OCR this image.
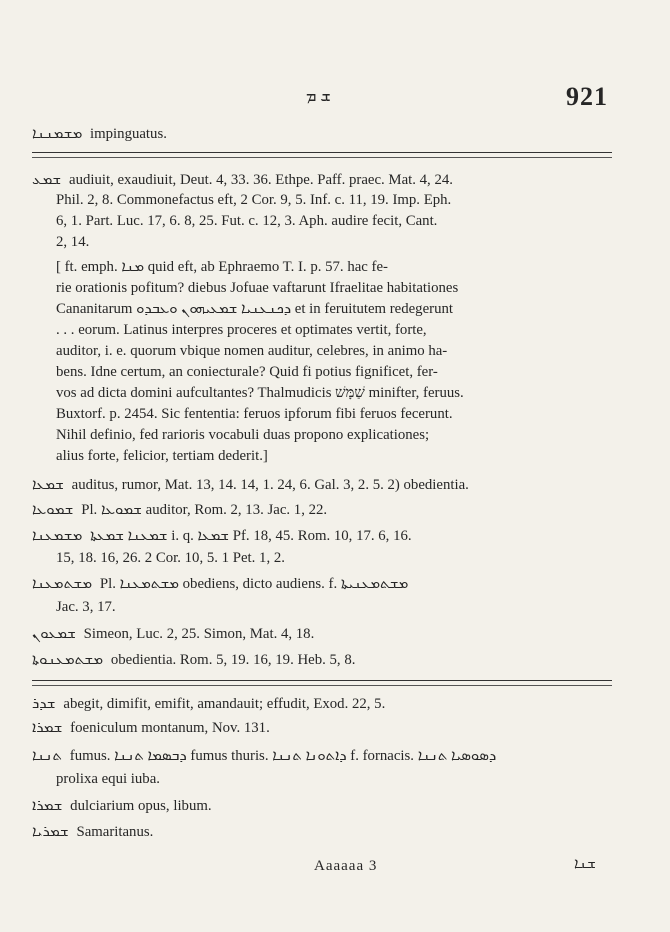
ܫ ܡ	921
ܡܫܡܢܢܐ impinguatus.
ܫܡܥ audiuit, exaudiuit, Deut. 4, 33. 36. Ethpe. Paff. praec. Mat. 4, 24.
Phil. 2, 8. Commonefactus eft, 2 Cor. 9, 5. Inf. c. 11, 19. Imp. Eph.
6, 1. Part. Luc. 17, 6. 8, 25. Fut. c. 12, 3. Aph. audire fecit, Cant.
2, 14.
[ ft. emph. ܡܢܐ quid eft, ab Ephraemo T. I. p. 57. hac fe-
rie orationis pofitum? diebus Jofuae vaftarunt Ifraelitae habitationes
Cananitarum ܕܟܢܥܢܝܐ ܫܡܥܝܗܘܢ ܘܥܒܕܘ et in feruitutem redegerunt
. . . eorum. Latinus interpres proceres et optimates vertit, forte,
auditor, i. e. quorum vbique nomen auditur, celebres, in animo ha-
bens. Idne certum, an coniecturale? Quid fi potius fignificet, fer-
vos ad dicta domini aufcultantes? Thalmudicis שַׁמָּשׁ minifter, feruus.
Buxtorf. p. 2454. Sic fententia: feruos ipforum fibi feruos fecerunt.
Nihil definio, fed rarioris vocabuli duas propono explicationes;
alius forte, felicior, tertiam dederit.]
ܫܡܥܐ auditus, rumor, Mat. 13, 14. 14, 1. 24, 6. Gal. 3, 2. 5. 2) obedientia.
ܫܡܘܥܐ Pl. ܫܡܘܥܐ auditor, Rom. 2, 13. Jac. 1, 22.
ܡܫܡܥܢܐ ܫܡܥܢܐ ܫܡܥܬܐ i. q. ܫܡܥܐ Pf. 18, 45. Rom. 10, 17. 6, 16.
15, 18. 16, 26. 2 Cor. 10, 5. 1 Pet. 1, 2.
ܡܫܬܡܥܢܐ Pl. ܡܫܬܡܥܢܐ obediens, dicto audiens. f. ܡܫܬܡܥܢܝܬܐ
Jac. 3, 17.
ܫܡܥܘܢ Simeon, Luc. 2, 25. Simon, Mat. 4, 18.
ܡܫܬܡܥܢܘܬܐ obedientia. Rom. 5, 19. 16, 19. Heb. 5, 8.
ܫܕܪ abegit, dimifit, emifit, amandauit; effudit, Exod. 22, 5.
ܫܡܪܐ foeniculum montanum, Nov. 131.
ܬܢܢܐ fumus. ܕܒܣܡܐ ܬܢܢܐ fumus thuris. ܕܐܬܘܢܐ ܬܢܢܐ f. fornacis. ܕܣܘܣܝܐ ܬܢܢܐ
prolixa equi iuba.
ܫܡܪܐ dulciarium opus, libum.
ܫܡܪܝܐ Samaritanus.
Aaaaaa 3	ܫܢܐ
